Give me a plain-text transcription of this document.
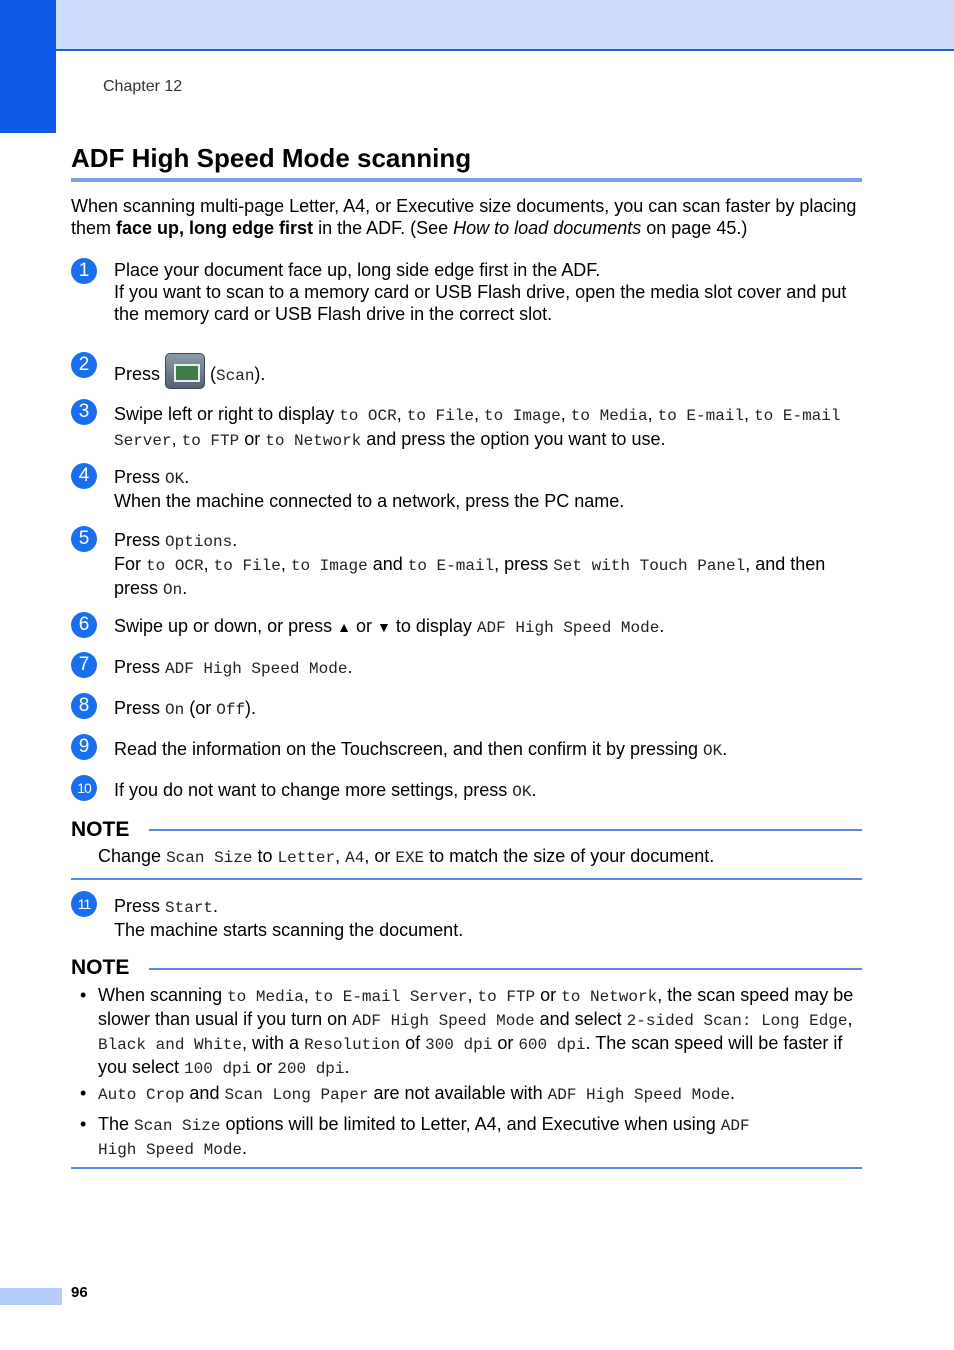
Chapter 12
ADF High Speed Mode scanning

When scanning multi-page Letter, A4, or Executive size documents, you can scan faster by placing them face up, long edge first in the ADF. (See How to load documents on page 45.)

1	Place your document face up, long side edge first in the ADF.

If you want to scan to a memory card or USB Flash drive, open the media slot cover and put the memory card or USB Flash drive in the correct slot.

2	Press  (Scan).
3	Swipe left or right to display to OCR, to File, to Image, to Media, to E-mail, to E-mail Server, to FTP or to Network and press the option you want to use.
4	Press OK.

When the machine connected to a network, press the PC name.

5	Press Options.

For to OCR, to File, to Image and to E-mail, press Set with Touch Panel, and then press On.

6	Swipe up or down, or press ▲ or ▼ to display ADF High Speed Mode.
7	Press ADF High Speed Mode.
8	Press On (or Off).
9	Read the information on the Touchscreen, and then confirm it by pressing OK.
10	If you do not want to change more settings, press OK.
NOTE

Change Scan Size to Letter, A4, or EXE to match the size of your document.

11	Press Start.

The machine starts scanning the document.

NOTE
• When scanning to Media, to E-mail Server, to FTP or to Network, the scan speed may be slower than usual if you turn on ADF High Speed Mode and select 2-sided Scan: Long Edge, Black and White, with a Resolution of 300 dpi or 600 dpi. The scan speed will be faster if you select 100 dpi or 200 dpi.
• Auto Crop and Scan Long Paper are not available with ADF High Speed Mode.
• The Scan Size options will be limited to Letter, A4, and Executive when using ADF High Speed Mode.
96
